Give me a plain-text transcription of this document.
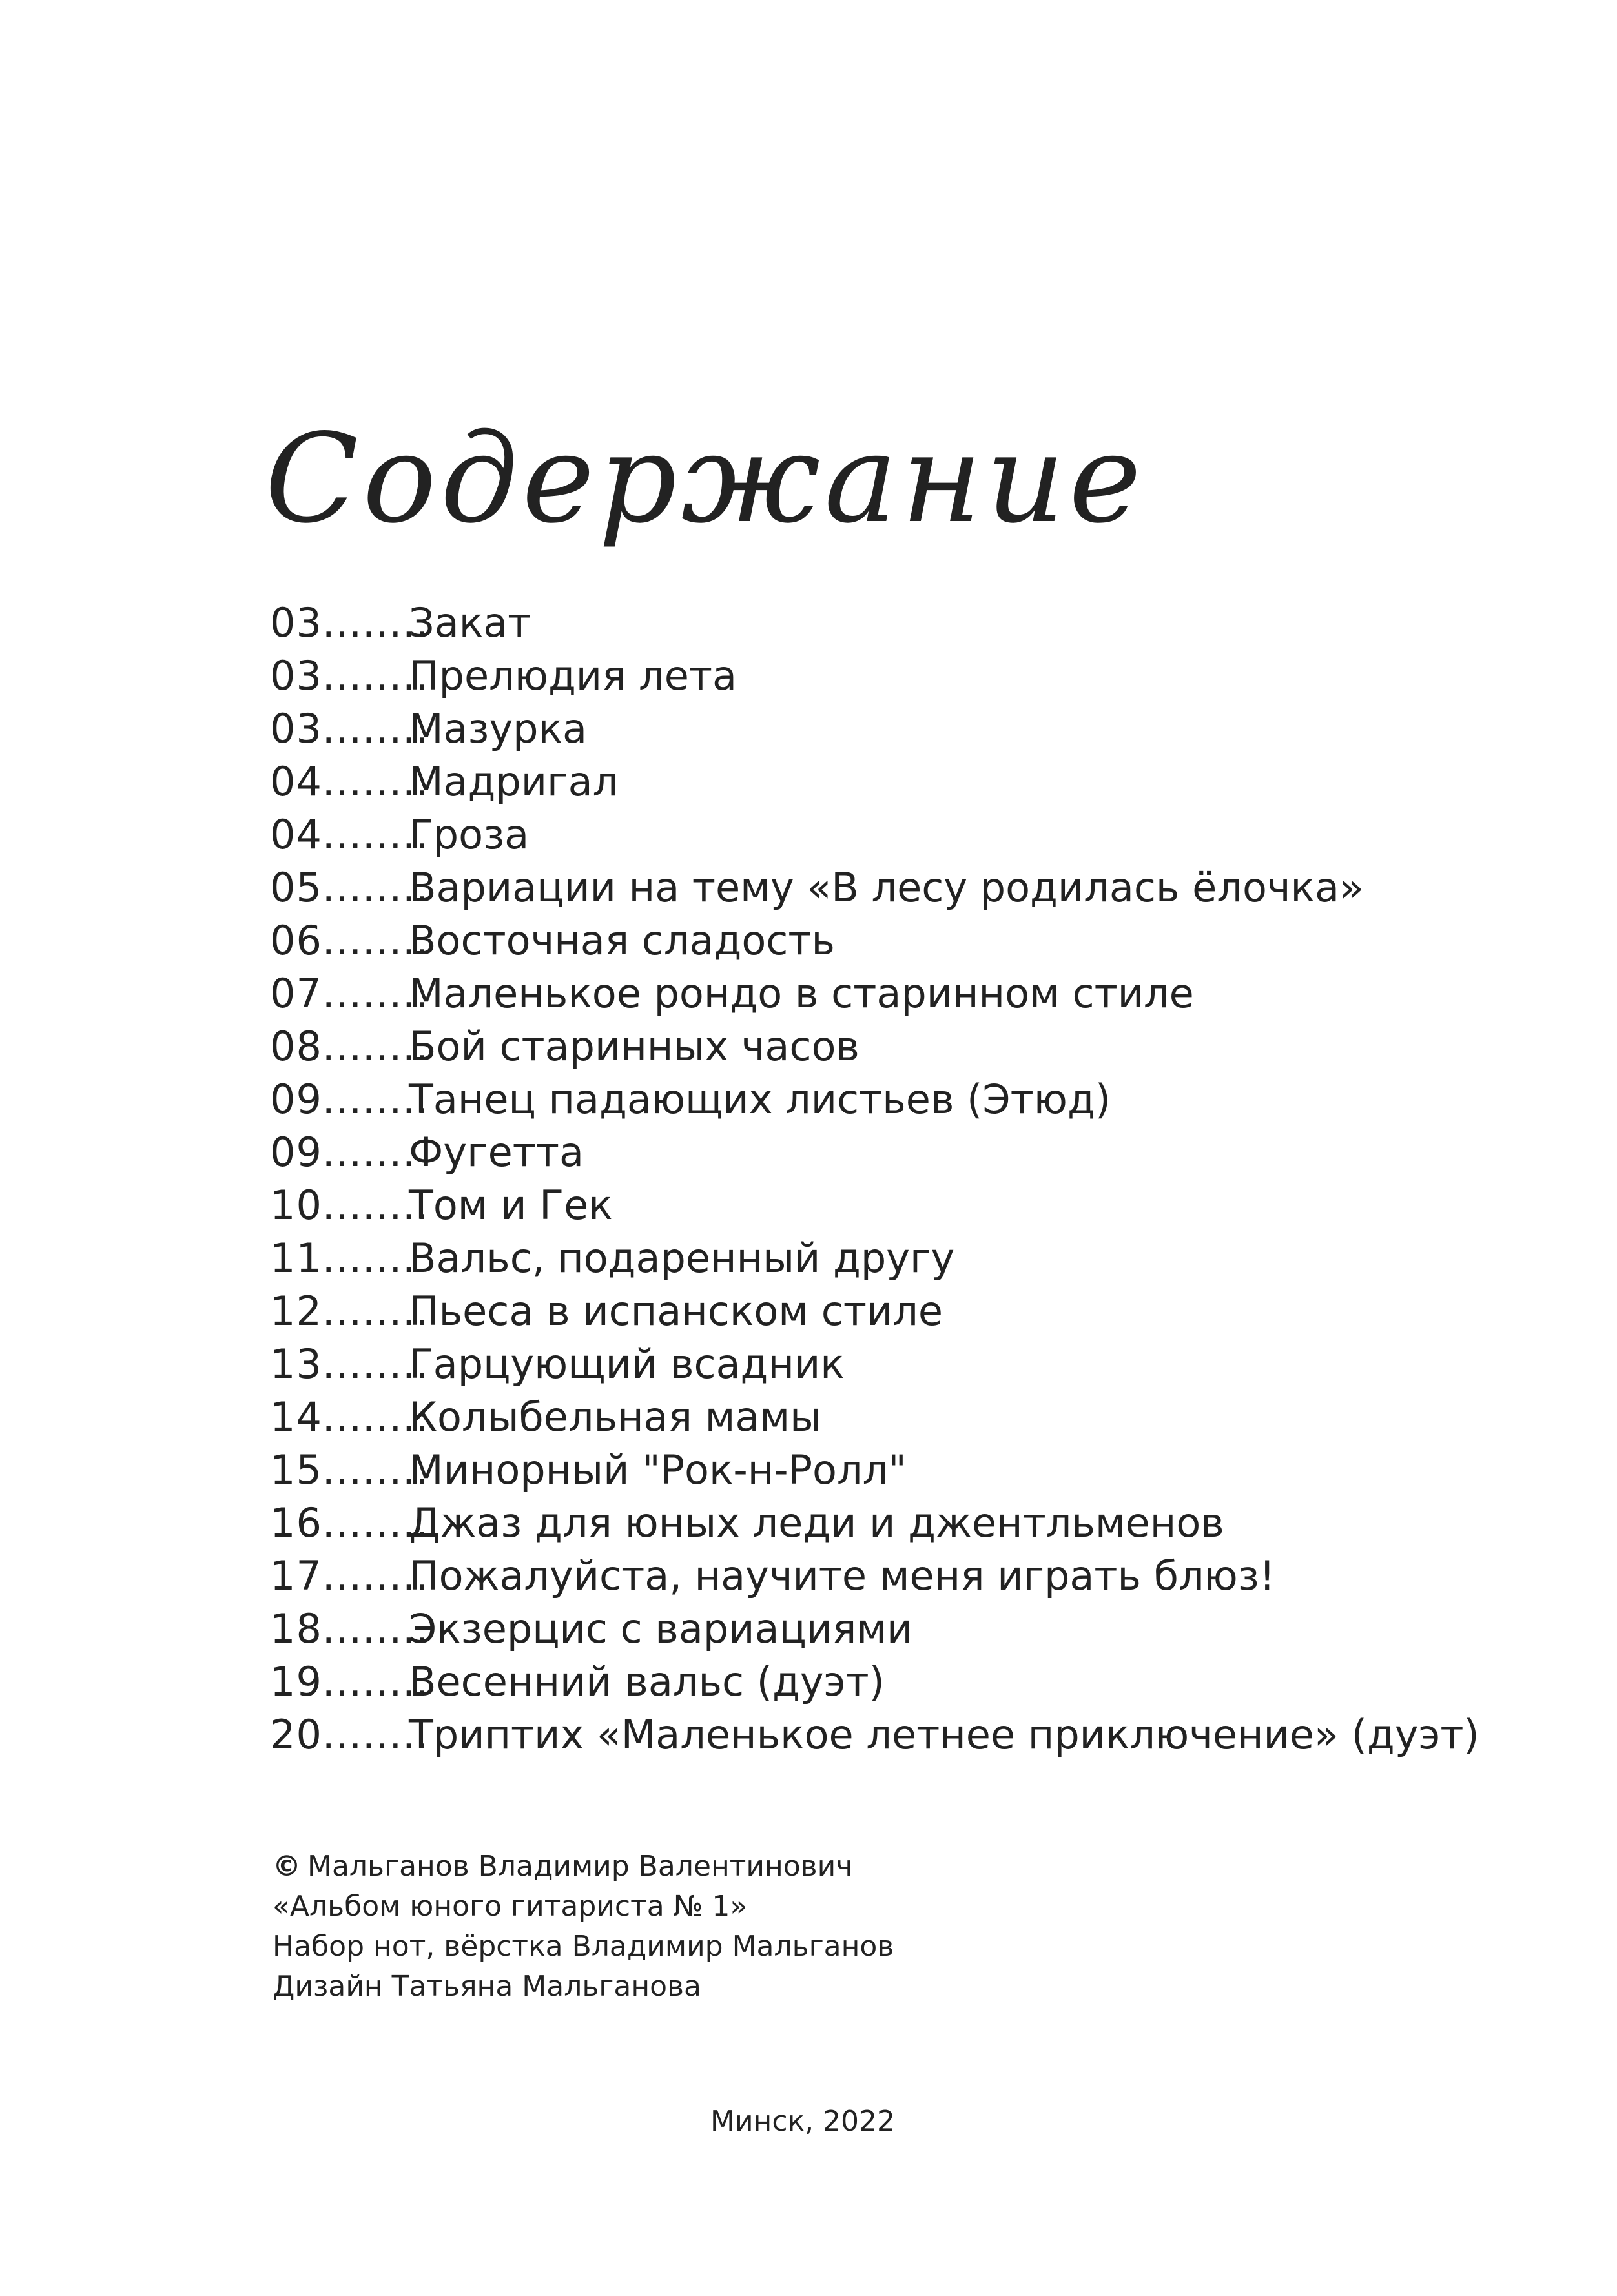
Содержание
03........
Закат
03........
Прелюдия лета
03........
Мазурка
04........
Мадригал
04........
Гроза
05........
Вариации на тему «В лесу родилась ёлочка»
06........
Восточная сладость
07........
Маленькое рондо в старинном стиле
08........
Бой старинных часов
09........
Танец падающих листьев (Этюд)
09.......
Фугетта
10........
Том и Гек
11.......
Вальс, подаренный другу
12........
Пьеса в испанском стиле
13........
Гарцующий всадник
14........
Колыбельная мамы
15........
Минорный "Рок-н-Ролл"
16........
Джаз для юных леди и джентльменов
17........
Пожалуйста, научите меня играть блюз!
18........
Экзерцис с вариациями
19........
Весенний вальс (дуэт)
20........
Триптих «Маленькое летнее приключение» (дуэт)
© Мальганов Владимир Валентинович
«Альбом юного гитариста № 1»
Набор нот, вёрстка Владимир Мальганов
Дизайн Татьяна Мальганова
Минск, 2022
